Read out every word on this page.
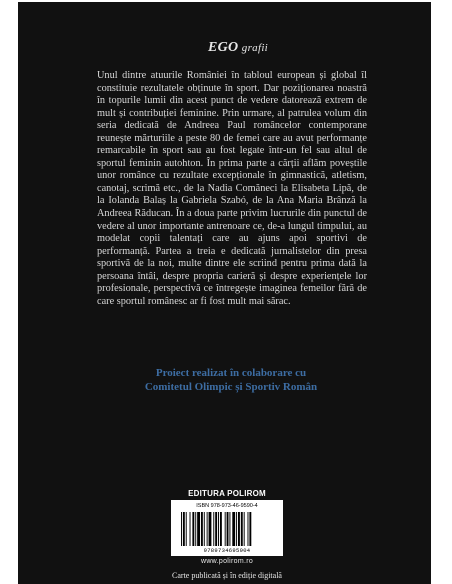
EGO grafii
Unul dintre atuurile României în tabloul european și global îl constituie rezultatele obținute în sport. Dar poziționarea noastră în topurile lumii din acest punct de vedere datorează extrem de mult și contribuției feminine. Prin urmare, al patrulea volum din seria dedicată de Andreea Paul româncelor contemporane reunește mărturiile a peste 80 de femei care au avut performanțe remarcabile în sport sau au fost legate într-un fel sau altul de sportul feminin autohton. În prima parte a cărții aflăm poveștile unor românce cu rezultate excepționale în gimnastică, atletism, canotaj, scrimă etc., de la Nadia Comăneci la Elisabeta Lipă, de la Iolanda Balaș la Gabriela Szabó, de la Ana Maria Brânză la Andreea Răducan. În a doua parte privim lucrurile din punctul de vedere al unor importante antrenoare ce, de-a lungul timpului, au modelat copii talentați care au ajuns apoi sportivi de performanță. Partea a treia e dedicată jurnalistelor din presa sportivă de la noi, multe dintre ele scriind pentru prima dată la persoana întâi, despre propria carieră și despre experiențele lor profesionale, perspectivă ce întregește imaginea femeilor fără de care sportul românesc ar fi fost mult mai sărac.
Proiect realizat în colaborare cu
Comitetul Olimpic și Sportiv Român
EDITURA POLIROM
ISBN 978-973-46-9590-4
9789734695904
www.polirom.ro
Carte publicată și în ediție digitală
